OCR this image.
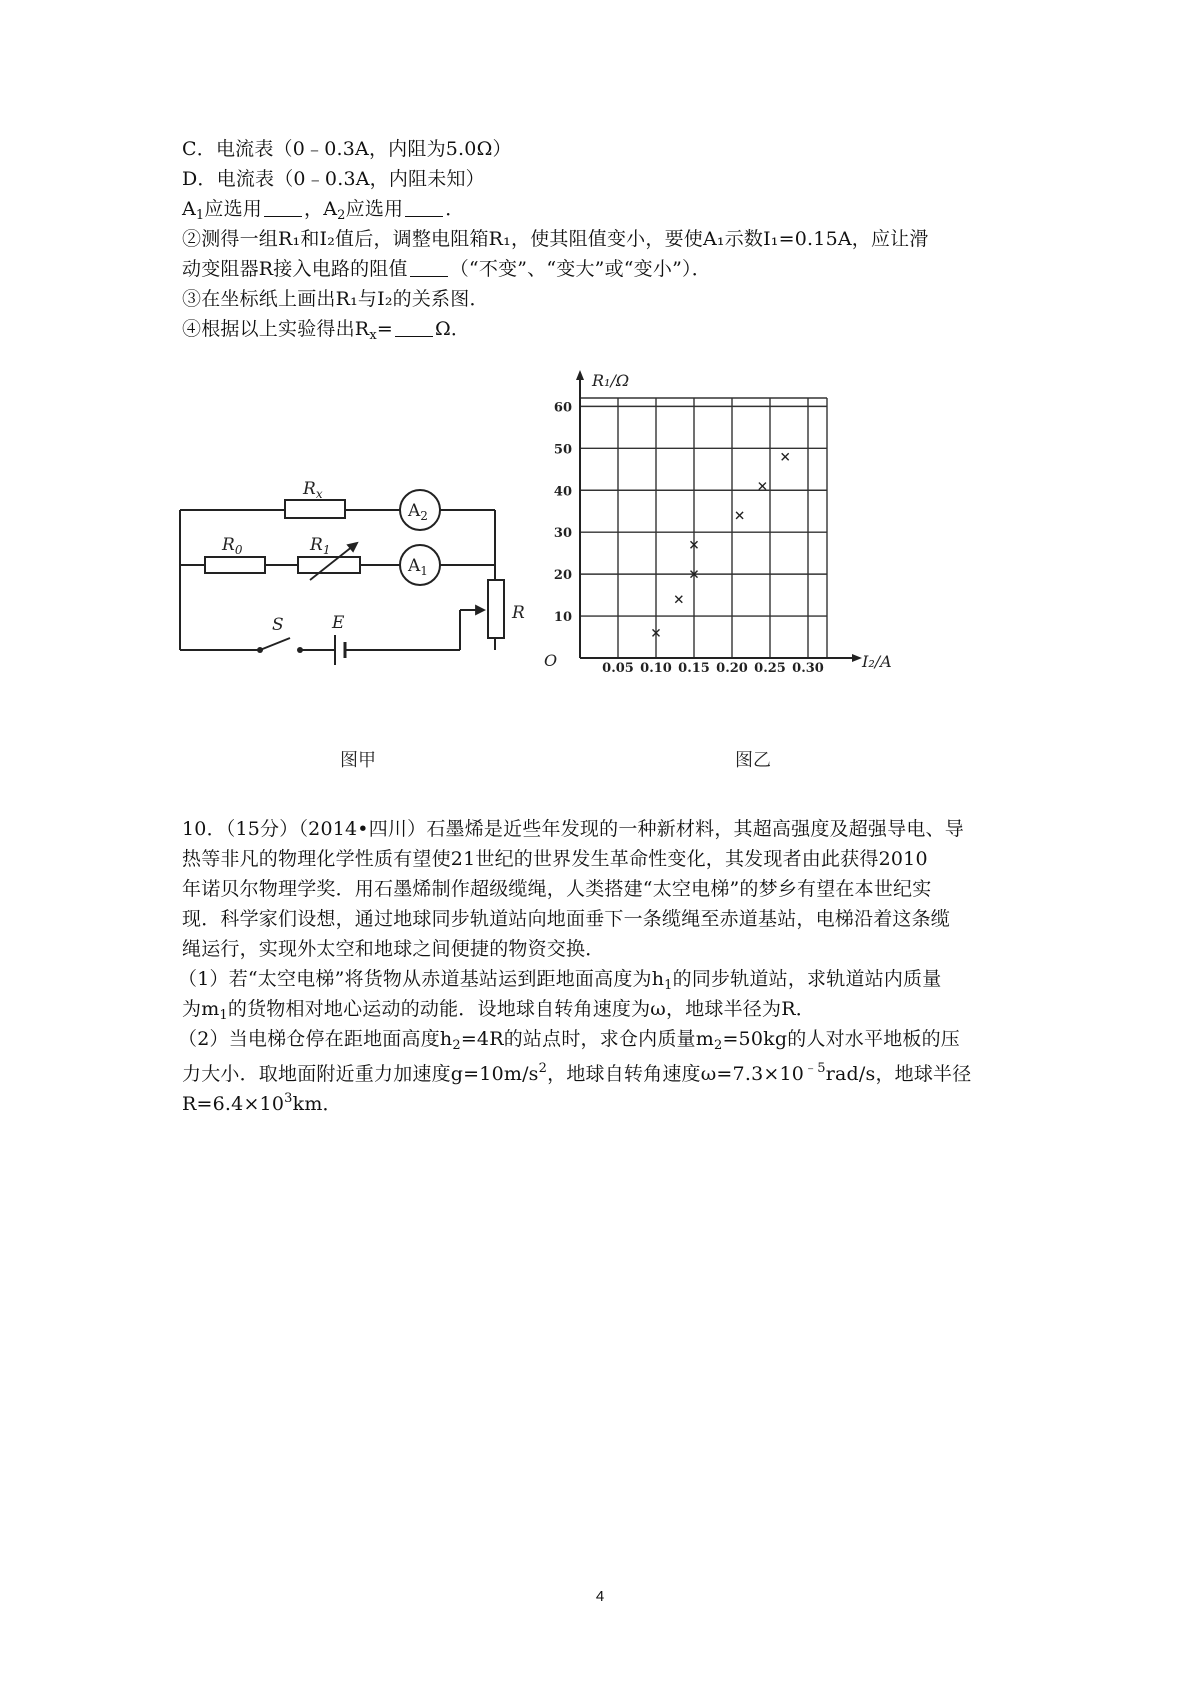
C．电流表（0﹣0.3A，内阻为5.0Ω）
D．电流表（0﹣0.3A，内阻未知）
$A_1$应选用 ，$A_2$应选用 ．
②测得一组R₁和I₂值后，调整电阻箱R₁，使其阻值变小，要使A₁示数I₁=0.15A，应让滑
动变阻器R接入电路的阻值 （“不变”、“变大”或“变小”）．
③在坐标纸上画出R₁与I₂的关系图．
④根据以上实验得出$R_x= \Omega$．
$R_x$
$R_0$	$R_1$
R
S	E
$A_2$
$A_1$
图甲
0.05 0.10 0.15 0.20 0.25 0.30
10
20
30
40
50
60
R₁/Ω
I₂/A
O
图乙
10．（15分）（2014•四川）石墨烯是近些年发现的一种新材料，其超高强度及超强导电、导
热等非凡的物理化学性质有望使21世纪的世界发生革命性变化，其发现者由此获得2010
年诺贝尔物理学奖．用石墨烯制作超级缆绳，人类搭建“太空电梯”的梦乡有望在本世纪实
现．科学家们设想，通过地球同步轨道站向地面垂下一条缆绳至赤道基站，电梯沿着这条缆
绳运行，实现外太空和地球之间便捷的物资交换．
（1）若“太空电梯”将货物从赤道基站运到距地面高度为$h_1$的同步轨道站，求轨道站内质量
为$m_1$的货物相对地心运动的动能．设地球自转角速度为ω，地球半径为R．
（2）当电梯仓停在距地面高度$h_2=4R$的站点时，求仓内质量$m_2=50kg$的人对水平地板的压
力大小．取地面附近重力加速度$g=10m/s^2$，地球自转角速度$\omega=7.3\times 10^{﹣5}rad/s$，地球半径
$R=6.4\times 10^3km$．
4
